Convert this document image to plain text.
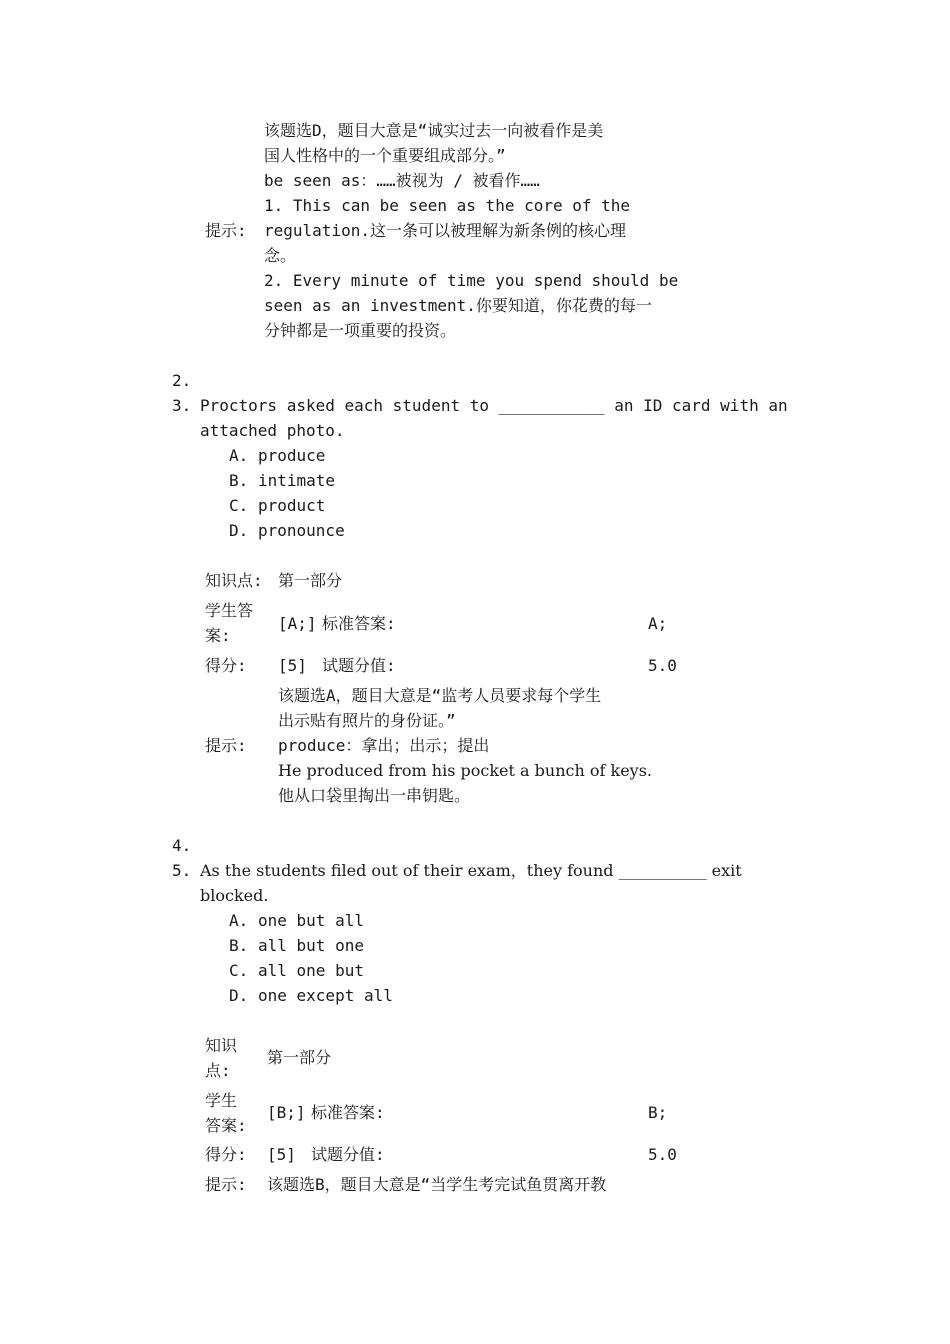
提示:
该题选D，题目大意是“诚实过去一向被看作是美
国人性格中的一个重要组成部分。”
be seen as：……被视为 / 被看作……
1. This can be seen as the core of the
regulation.这一条可以被理解为新条例的核心理
念。
2. Every minute of time you spend should be
seen as an investment.你要知道，你花费的每一
分钟都是一项重要的投资。
2.
3. Proctors asked each student to ___________ an ID card with an
attached photo.
A. produce
B. intimate
C. product
D. pronounce
知识点: 第一部分
学生答
案:
[A;] 标准答案:	A;
得分: [5] 试题分值:	5.0
提示:
该题选A，题目大意是“监考人员要求每个学生
出示贴有照片的身份证。”
produce：拿出；出示；提出
He produced from his pocket a bunch of keys.
他从口袋里掏出一串钥匙。
4.
5. As the students filed out of their exam，they found ___________ exit
blocked.
A. one but all
B. all but one
C. all one but
D. one except all
知识
点:
第一部分
学生
答案:
[B;] 标准答案:	B;
得分: [5] 试题分值:	5.0
提示: 该题选B，题目大意是“当学生考完试鱼贯离开教
